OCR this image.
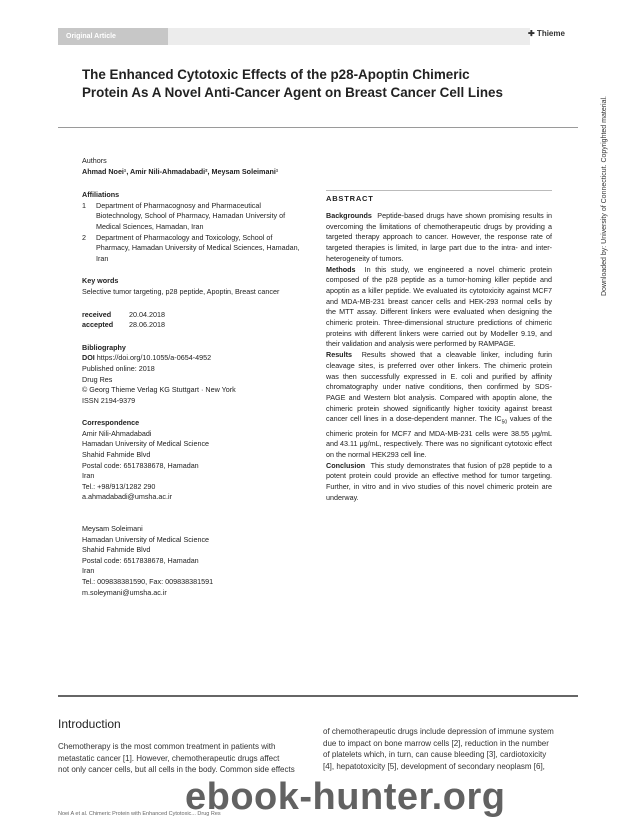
Original Article	✚ Thieme
The Enhanced Cytotoxic Effects of the p28-Apoptin Chimeric
Protein As A Novel Anti-Cancer Agent on Breast Cancer Cell Lines
Authors
Ahmad Noei¹, Amir Nili-Ahmadabadi², Meysam Soleimani¹
Affiliations
1	Department of Pharmacognosy and Pharmaceutical Biotechnology, School of Pharmacy, Hamadan University of Medical Sciences, Hamadan, Iran
2	Department of Pharmacology and Toxicology, School of Pharmacy, Hamadan University of Medical Sciences, Hamadan, Iran
Key words
Selective tumor targeting, p28 peptide, Apoptin, Breast cancer
received 20.04.2018
accepted 28.06.2018
Bibliography
DOI https://doi.org/10.1055/a-0654-4952
Published online: 2018
Drug Res
© Georg Thieme Verlag KG Stuttgart · New York
ISSN 2194-9379
Correspondence
Amir Nili-Ahmadabadi
Hamadan University of Medical Science
Shahid Fahmide Blvd
Postal code: 6517838678, Hamadan
Iran
Tel.: +98/913/1282 290
a.ahmadabadi@umsha.ac.ir
Meysam Soleimani
Hamadan University of Medical Science
Shahid Fahmide Blvd
Postal code: 6517838678, Hamadan
Iran
Tel.: 009838381590, Fax: 009838381591
m.soleymani@umsha.ac.ir
ABSTRACT

Backgrounds Peptide-based drugs have shown promising results in overcoming the limitations of chemotherapeutic drugs by providing a targeted therapy approach to cancer. However, the response rate of targeted therapies is limited, in large part due to the intra- and inter-heterogeneity of tumors.

Methods In this study, we engineered a novel chimeric protein composed of the p28 peptide as a tumor-homing killer peptide and apoptin as a killer peptide. We evaluated its cytotoxicity against MCF7 and MDA-MB-231 breast cancer cells and HEK-293 normal cells by the MTT assay. Different linkers were evaluated when designing the chimeric protein. Three-dimensional structure predictions of chimeric proteins with different linkers were carried out by Modeller 9.19, and their validation and analysis were performed by RAMPAGE.

Results Results showed that a cleavable linker, including furin cleavage sites, is preferred over other linkers. The chimeric protein was then successfully expressed in E. coli and purified by affinity chromatography under native conditions, then confirmed by SDS-PAGE and Western blot analysis. Compared with apoptin alone, the chimeric protein showed significantly higher toxicity against breast cancer cell lines in a dose-dependent manner. The $IC_{50}$ values of the chimeric protein for MCF7 and MDA-MB-231 cells were 38.55 μg/mL and 43.11 μg/mL, respectively. There was no significant cytotoxic effect on the normal HEK293 cell line.

Conclusion This study demonstrates that fusion of p28 peptide to a potent protein could provide an effective method for tumor targeting. Further, in vitro and in vivo studies of this novel chimeric protein are underway.

Introduction
Chemotherapy is the most common treatment in patients with
metastatic cancer [1]. However, chemotherapeutic drugs affect
not only cancer cells, but all cells in the body. Common side effects
of chemotherapeutic drugs include depression of immune system
due to impact on bone marrow cells [2], reduction in the number
of platelets which, in turn, can cause bleeding [3], cardiotoxicity
[4], hepatotoxicity [5], development of secondary neoplasm [6],
Noei A et al. Chimeric Protein with Enhanced Cytotoxic... Drug Res
Downloaded by: University of Connecticut. Copyrighted material.
ebook-hunter.org
